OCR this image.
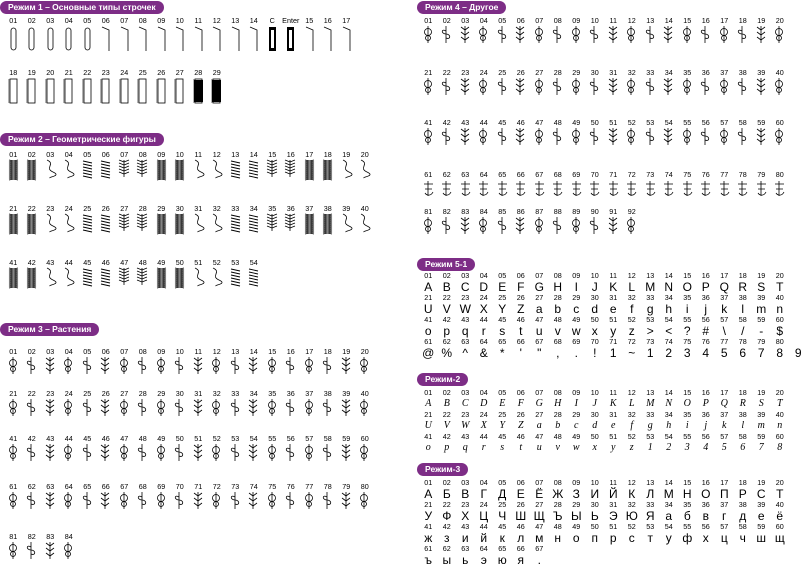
Режим 1 – Основные типы строчек
01 02 03 04 05 06 07 08 09 10 11 12 13 14 C Enter 15 16 17
18 19 20 21 22 23 24 25 26 27 28 29
Режим 2 – Геометрические фигуры
01 02 03 04 05 06 07 08 09 10 11 12 13 14 15 16 17 18 19 20
21 22 23 24 25 26 27 28 29 30 31 32 33 34 35 36 37 38 39 40
41 42 43 44 45 46 47 48 49 50 51 52 53 54
Режим 3 – Растения
01 02 03 04 05 06 07 08 09 10 11 12 13 14 15 16 17 18 19 20
21 22 23 24 25 26 27 28 29 30 31 32 33 34 35 36 37 38 39 40
41 42 43 44 45 46 47 48 49 50 51 52 53 54 55 56 57 58 59 60
61 62 63 64 65 66 67 68 69 70 71 72 73 74 75 76 77 78 79 80
81 82 83 84
Режим 4 – Другое
01 02 03 04 05 06 07 08 09 10 11 12 13 14 15 16 17 18 19 20
21 22 23 24 25 26 27 28 29 30 31 32 33 34 35 36 37 38 39 40
41 42 43 44 45 46 47 48 49 50 51 52 53 54 55 56 57 58 59 60
61 62 63 64 65 66 67 68 69 70 71 72 73 74 75 76 77 78 79 80
81 82 83 84 85 86 87 88 89 90 91 92
Режим 5-1
01	02	03	04	05	06	07	08	09	10	11	12	13	14	15	16	17	18	19	20
A B C D E F G H	I	J K L M N O P Q R S T
21	22	23	24	25	26	27	28	29	30	31	32	33	34	35	36	37	38	39	40
U V W X Y Z a b	c	d e	f	g h	i	j	k	l	m n
41	42	43	44	45	46	47	48	49	50	51	52	53	54	55	56	57	58	59	60
o p q	r	s	t	u	v w x	y	z > < ? #	\	/	-	$
61	62	63	64	65	66	67	68	69	70	71	72	73	74	75	76	77	78	79	80
@ % ^ &	*	'	"	,	.	!	1 ~ 1 2 3 4 5 6 7 8 9
Режим-2
01	02	03	04	05	06	07	08	09	10	11	12	13	14	15	16	17	18	19	20
A	B	C	D	E	F	G	H	I	J	K	L	M	N	O	P	Q	R	S	T
21	22	23	24	25	26	27	28	29	30	31	32	33	34	35	36	37	38	39	40
U	V	W	X	Y	Z	a	b	c	d	e	f	g	h	i	j	k	l	m	n
41	42	43	44	45	46	47	48	49	50	51	52	53	54	55	56	57	58	59	60
o	p	q	r	s	t	u	v	w	x	y	z	1	2	3	4	5	6	7	8
Режим-3
01	02	03	04	05	06	07	08	09	10	11	12	13	14	15	16	17	18	19	20
А Б В Г Д Е Ё Ж З И Й К Л М Н О П Р С Т
21	22	23	24	25	26	27	28	29	30	31	32	33	34	35	36	37	38	39	40
У Ф Х Ц Ч Ш Щ Ъ Ы Ь Э Ю Я а б в	г	д е ё
41	42	43	44	45	46	47	48	49	50	51	52	53	54	55	56	57	58	59	60
ж з	и й	к	л м н о п р	с	т	у ф х	ц ч ш щ
61	62	63	64	65	66	67
ъ ы ь	э ю я	.
